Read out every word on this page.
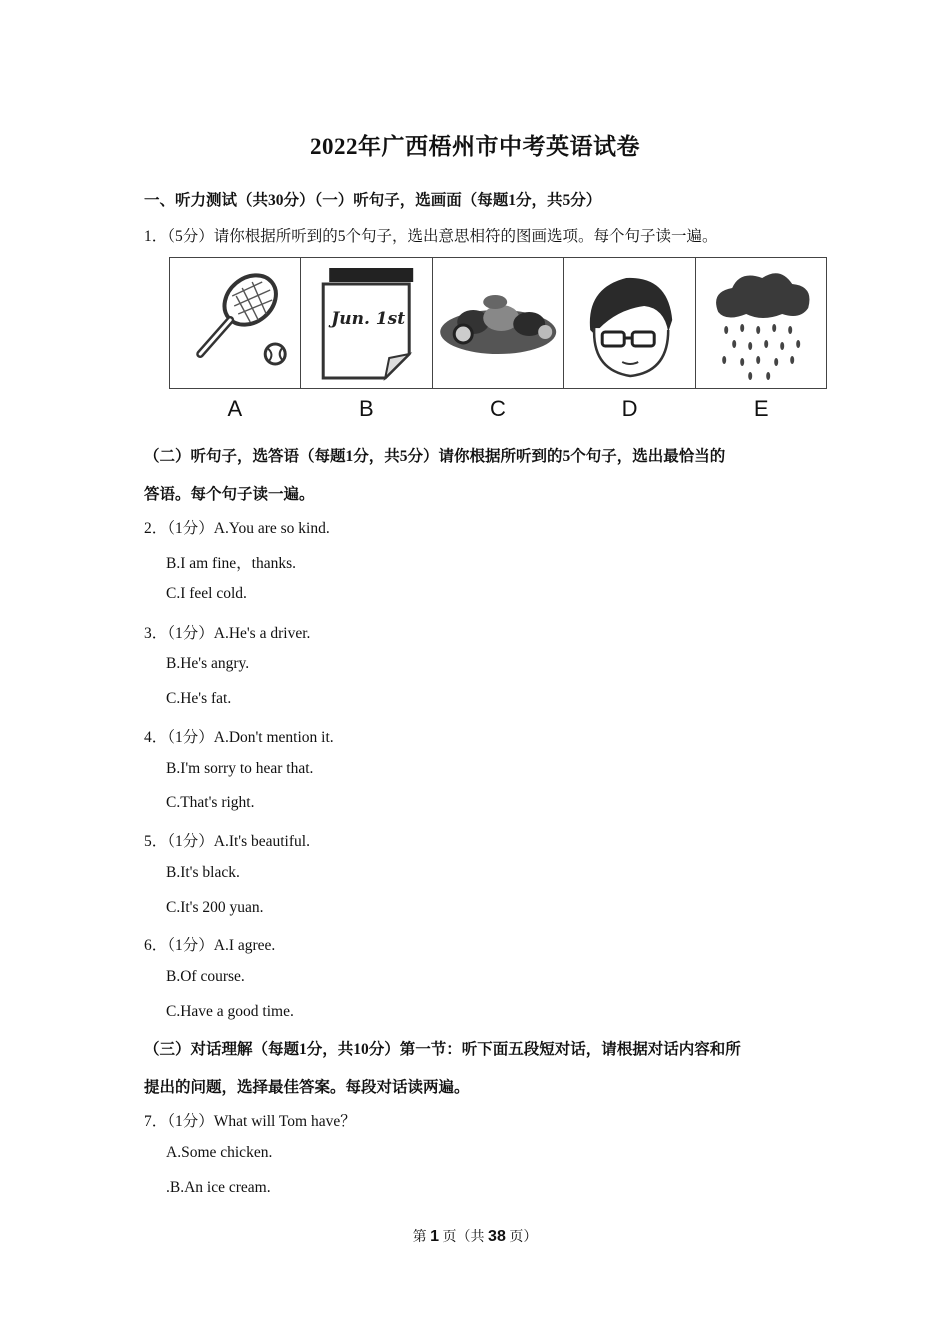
2022年广西梧州市中考英语试卷
一、听力测试（共30分）（一）听句子，选画面（每题1分，共5分）
1．（5分）请你根据所听到的5个句子，选出意思相符的图画选项。每个句子读一遍。
Jun. 1st
A	B	C	D	E
（二）听句子，选答语（每题1分，共5分）请你根据所听到的5个句子，选出最恰当的
答语。每个句子读一遍。
2．（1分）A.You are so kind.
B.I am fine，thanks.
C.I feel cold.
3．（1分）A.He's a driver.
B.He's angry.
C.He's fat.
4．（1分）A.Don't mention it.
B.I'm sorry to hear that.
C.That's right.
5．（1分）A.It's beautiful.
B.It's black.
C.It's 200 yuan.
6．（1分）A.I agree.
B.Of course.
C.Have a good time.
（三）对话理解（每题1分，共10分）第一节：听下面五段短对话，请根据对话内容和所
提出的问题，选择最佳答案。每段对话读两遍。
7．（1分）What will Tom have？
A.Some chicken.
.B.An ice cream.
第 1 页（共 38 页）
